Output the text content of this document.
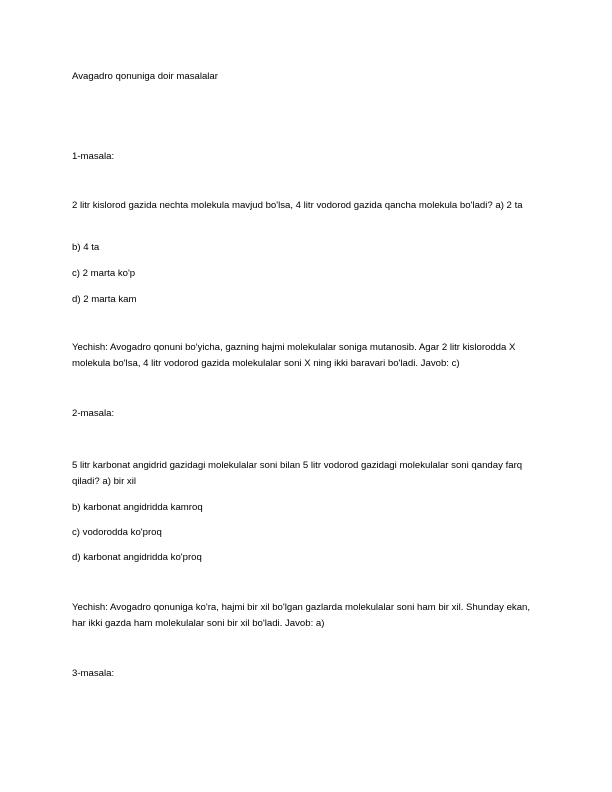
Avagadro qonuniga doir masalalar

1-masala:

2 litr kislorod gazida nechta molekula mavjud bo'lsa, 4 litr vodorod gazida qancha molekula bo'ladi? a) 2 ta

b) 4 ta

c) 2 marta ko'p

d) 2 marta kam

Yechish: Avogadro qonuni bo'yicha, gazning hajmi molekulalar soniga mutanosib. Agar 2 litr kislorodda X molekula bo'lsa, 4 litr vodorod gazida molekulalar soni X ning ikki baravari bo'ladi. Javob: c)

2-masala:

5 litr karbonat angidrid gazidagi molekulalar soni bilan 5 litr vodorod gazidagi molekulalar soni qanday farq qiladi? a) bir xil

b) karbonat angidridda kamroq

c) vodorodda ko'proq

d) karbonat angidridda ko'proq

Yechish: Avogadro qonuniga ko'ra, hajmi bir xil bo'lgan gazlarda molekulalar soni ham bir xil. Shunday ekan, har ikki gazda ham molekulalar soni bir xil bo'ladi. Javob: a)

3-masala:
